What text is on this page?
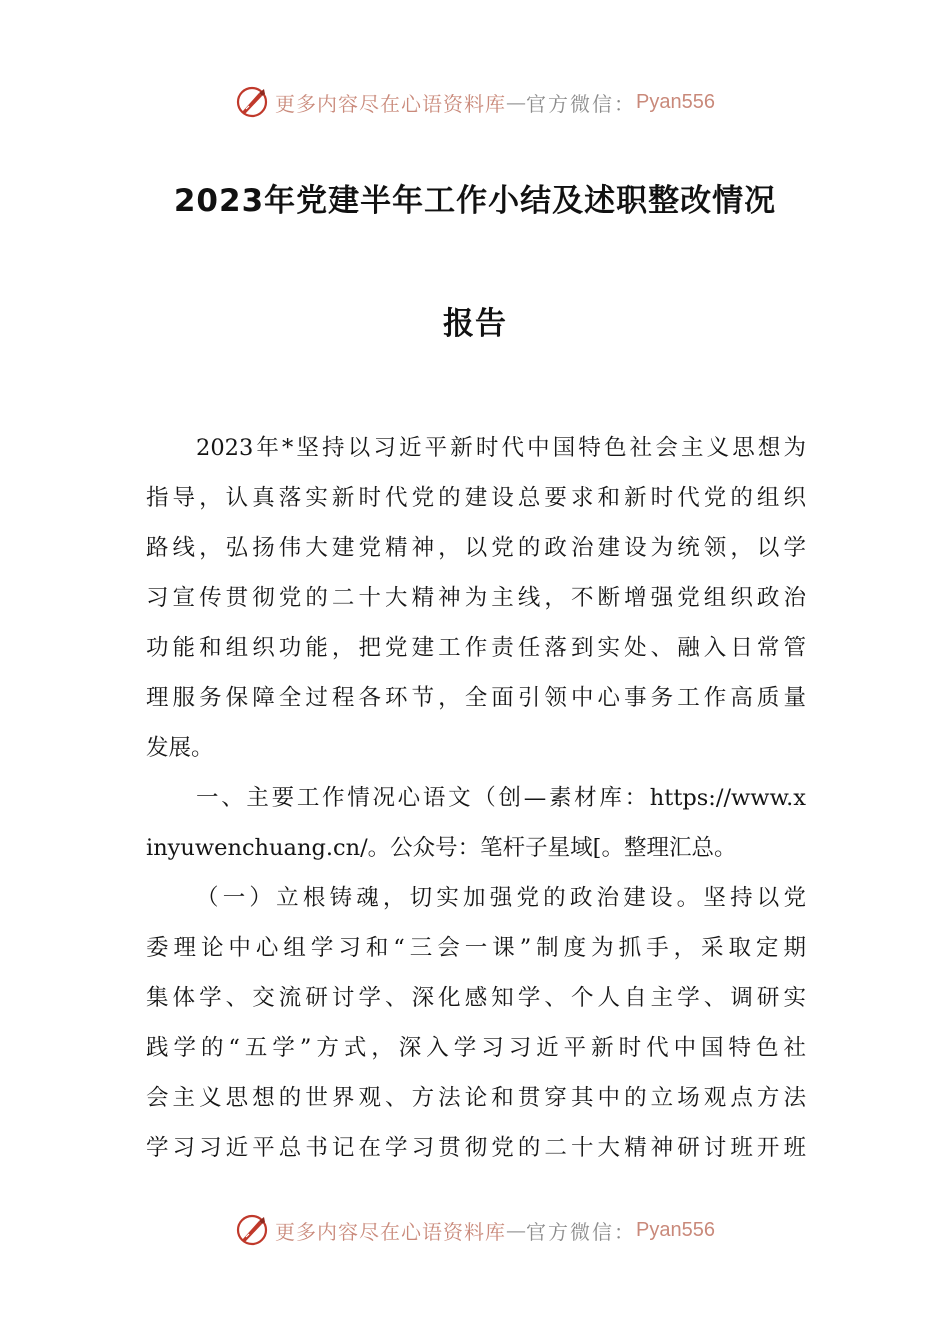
更多内容尽在心语资料库 — 官方微信： Pyan556
2023年党建半年工作小结及述职整改情况
报告
2023年*坚持以习近平新时代中国特色社会主义思想为
指导，认真落实新时代党的建设总要求和新时代党的组织
路线，弘扬伟大建党精神，以党的政治建设为统领，以学
习宣传贯彻党的二十大精神为主线，不断增强党组织政治
功能和组织功能，把党建工作责任落到实处、融入日常管
理服务保障全过程各环节，全面引领中心事务工作高质量
发展。
一、主要工作情况心语文（创—素材库：https://www.x
inyuwenchuang.cn/。公众号：笔杆子星域[。整理汇总。
（一）立根铸魂，切实加强党的政治建设。坚持以党
委理论中心组学习和“三会一课”制度为抓手，采取定期
集体学、交流研讨学、深化感知学、个人自主学、调研实
践学的“五学”方式，深入学习习近平新时代中国特色社
会主义思想的世界观、方法论和贯穿其中的立场观点方法
学习习近平总书记在学习贯彻党的二十大精神研讨班开班
更多内容尽在心语资料库 — 官方微信： Pyan556
